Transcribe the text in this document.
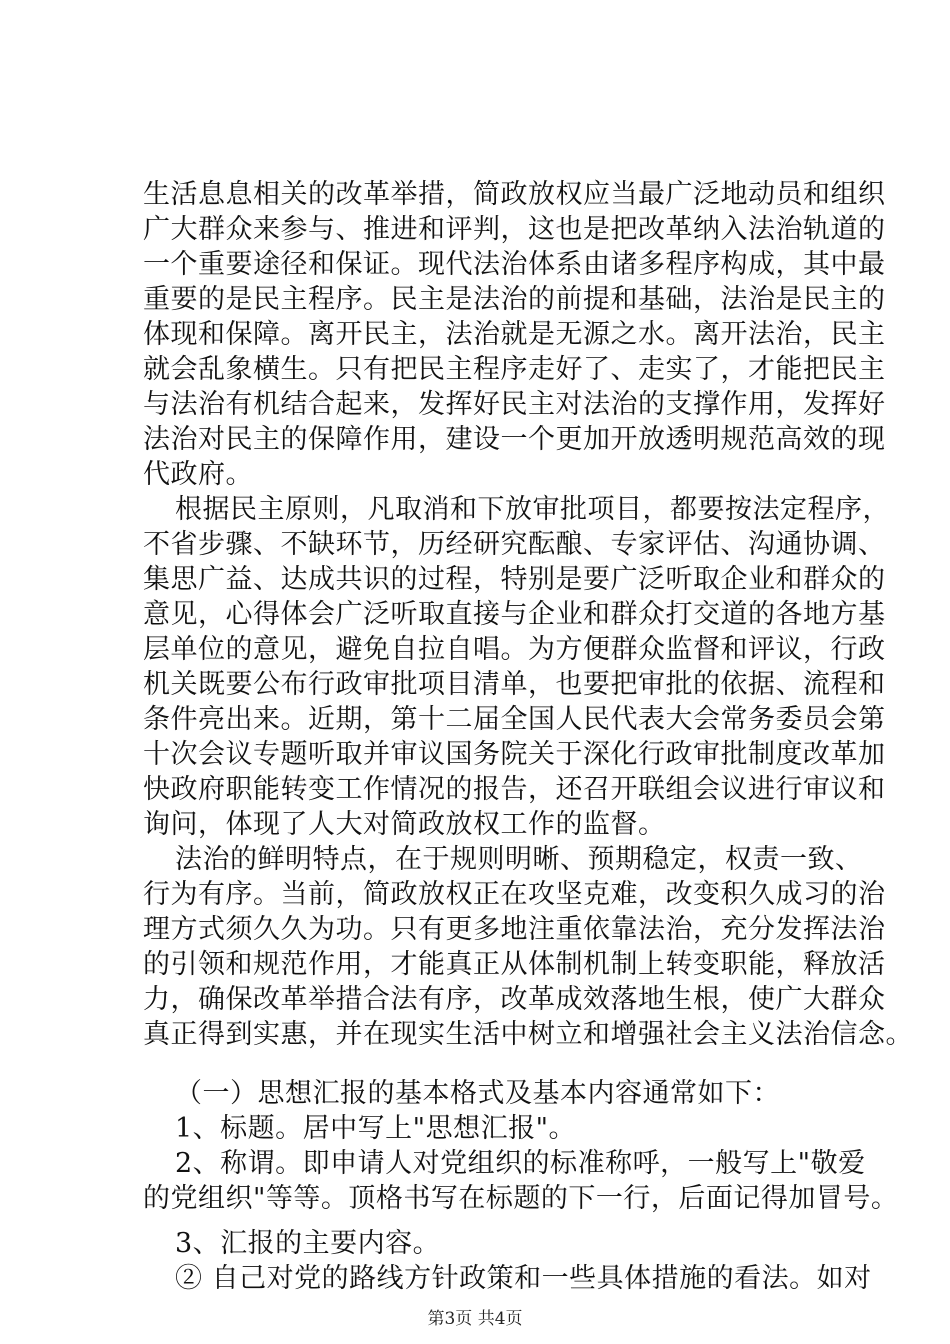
生活息息相关的改革举措，简政放权应当最广泛地动员和组织
广大群众来参与、推进和评判，这也是把改革纳入法治轨道的
一个重要途径和保证。现代法治体系由诸多程序构成，其中最
重要的是民主程序。民主是法治的前提和基础，法治是民主的
体现和保障。离开民主，法治就是无源之水。离开法治，民主
就会乱象横生。只有把民主程序走好了、走实了，才能把民主
与法治有机结合起来，发挥好民主对法治的支撑作用，发挥好
法治对民主的保障作用，建设一个更加开放透明规范高效的现
代政府。
根据民主原则，凡取消和下放审批项目，都要按法定程序，
不省步骤、不缺环节，历经研究酝酿、专家评估、沟通协调、
集思广益、达成共识的过程，特别是要广泛听取企业和群众的
意见，心得体会广泛听取直接与企业和群众打交道的各地方基
层单位的意见，避免自拉自唱。为方便群众监督和评议，行政
机关既要公布行政审批项目清单，也要把审批的依据、流程和
条件亮出来。近期，第十二届全国人民代表大会常务委员会第
十次会议专题听取并审议国务院关于深化行政审批制度改革加
快政府职能转变工作情况的报告，还召开联组会议进行审议和
询问，体现了人大对简政放权工作的监督。
法治的鲜明特点，在于规则明晰、预期稳定，权责一致、
行为有序。当前，简政放权正在攻坚克难，改变积久成习的治
理方式须久久为功。只有更多地注重依靠法治，充分发挥法治
的引领和规范作用，才能真正从体制机制上转变职能，释放活
力，确保改革举措合法有序，改革成效落地生根，使广大群众
真正得到实惠，并在现实生活中树立和增强社会主义法治信念。
（一）思想汇报的基本格式及基本内容通常如下：
1、标题。居中写上"思想汇报"。
2、称谓。即申请人对党组织的标准称呼，一般写上"敬爱
的党组织"等等。顶格书写在标题的下一行，后面记得加冒号。
3、汇报的主要内容。
② 自己对党的路线方针政策和一些具体措施的看法。如对
第3页 共4页
